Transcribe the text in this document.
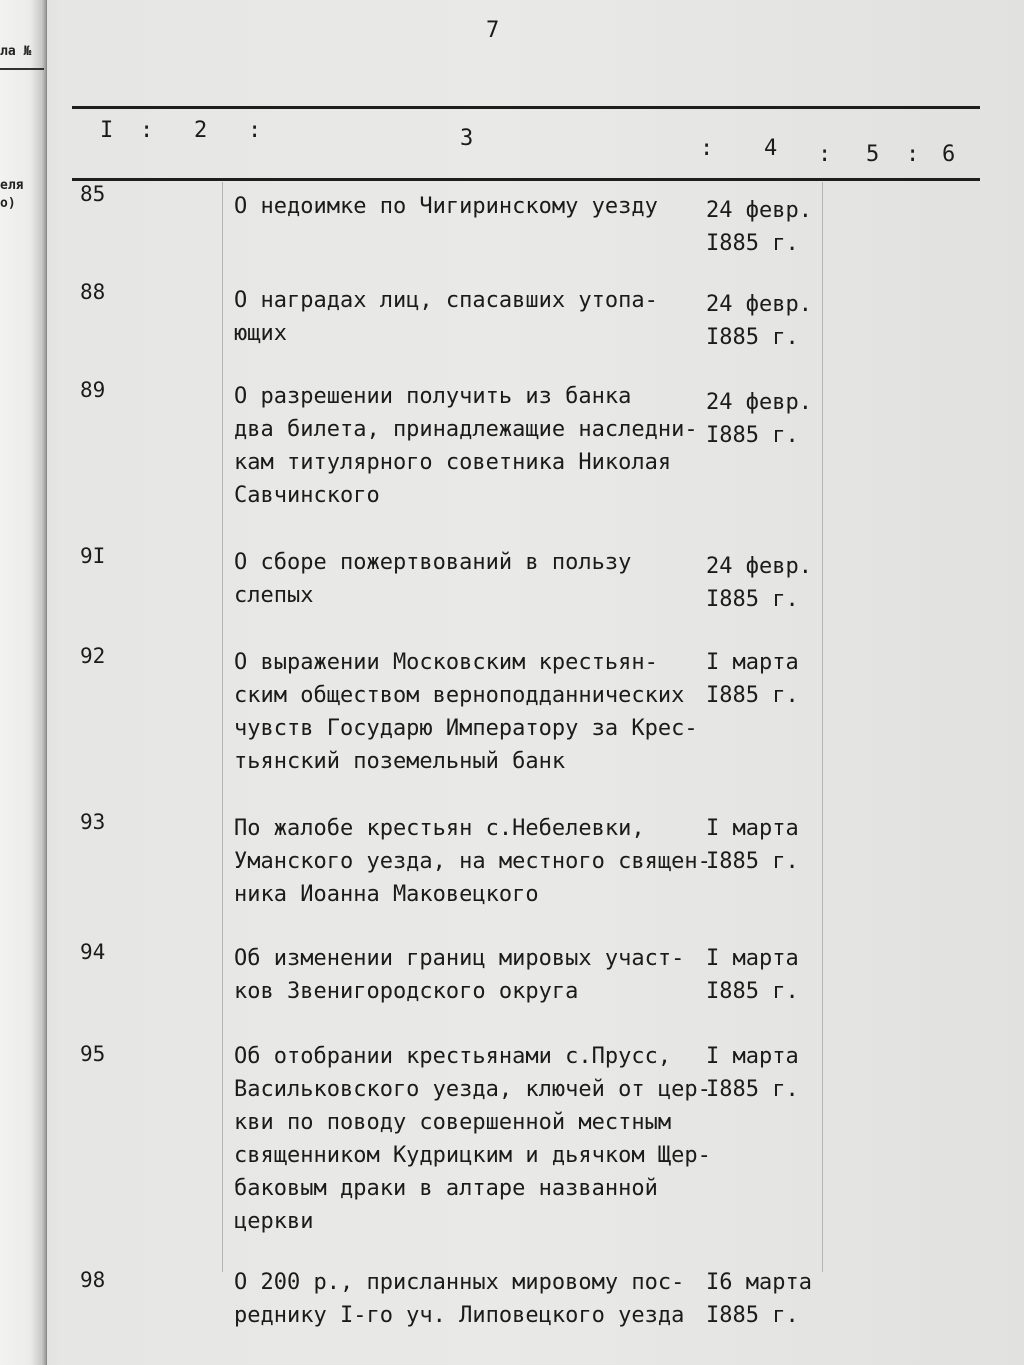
ла №
еля
о)
7
I : 2 :	3	: 4 : 5 : 6
85	О недоимке по Чигиринскому уезду	24 февр.
I885 г.
88	О наградах лиц, спасавших утопа-
ющих
24 февр.
I885 г.
89	О разрешении получить из банка
два билета, принадлежащие наследни-
кам титулярного советника Николая
Савчинского
24 февр.
I885 г.
9I	О сборе пожертвований в пользу
слепых
24 февр.
I885 г.
92	О выражении Московским крестьян-
ским обществом верноподданнических
чувств Государю Императору за Крес-
тьянский поземельный банк
I марта
I885 г.
93	По жалобе крестьян с.Небелевки,
Уманского уезда, на местного священ-
ника Иоанна Маковецкого
I марта
I885 г.
94	Об изменении границ мировых участ-
ков Звенигородского округа
I марта
I885 г.
95	Об отобрании крестьянами с.Прусс,
Васильковского уезда, ключей от цер-
кви по поводу совершенной местным
священником Кудрицким и дьячком Щер-
баковым драки в алтаре названной
церкви
I марта
I885 г.
98	О 200 р., присланных мировому пос-
реднику I-го уч. Липовецкого уезда
I6 марта
I885 г.
